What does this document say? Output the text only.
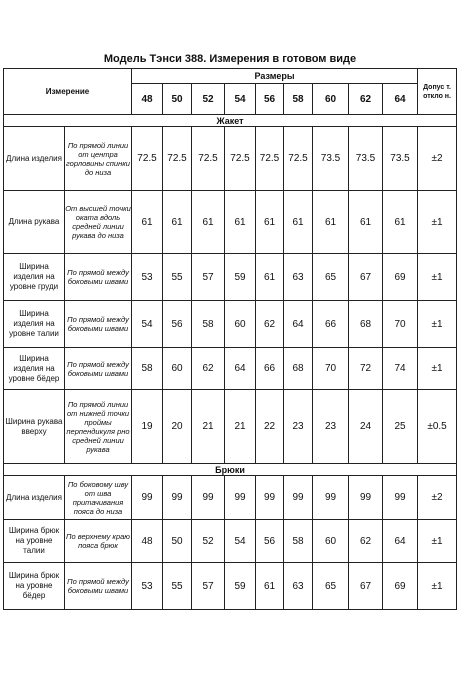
Модель Тэнси 388. Измерения в готовом виде
Измерение		Размеры									Допус т. откло н.
		48	50	52	54	56	58	60	62	64	
Жакет											
Длина изделия	По прямой линии от центра горловины спинки до низа	72.5	72.5	72.5	72.5	72.5	72.5	73.5	73.5	73.5	±2
Длина рукава	От высшей точки оката вдоль средней линии рукава до низа	61	61	61	61	61	61	61	61	61	±1
Ширина изделия на уровне груди	По прямой между боковыми швами	53	55	57	59	61	63	65	67	69	±1
Ширина изделия на уровне талии	По прямой между боковыми швами	54	56	58	60	62	64	66	68	70	±1
Ширина изделия на уровне бёдер	По прямой между боковыми швами	58	60	62	64	66	68	70	72	74	±1
Ширина рукава вверху	По прямой линии от нижней точки проймы перпендикуля рно средней линии рукава	19	20	21	21	22	23	23	24	25	±0.5
Брюки											
Длина изделия	По боковому шву от шва притачивания пояса до низа	99	99	99	99	99	99	99	99	99	±2
Ширина брюк на уровне талии	По верхнему краю пояса брюк	48	50	52	54	56	58	60	62	64	±1
Ширина брюк на уровне бёдер	По прямой между боковыми швами	53	55	57	59	61	63	65	67	69	±1
